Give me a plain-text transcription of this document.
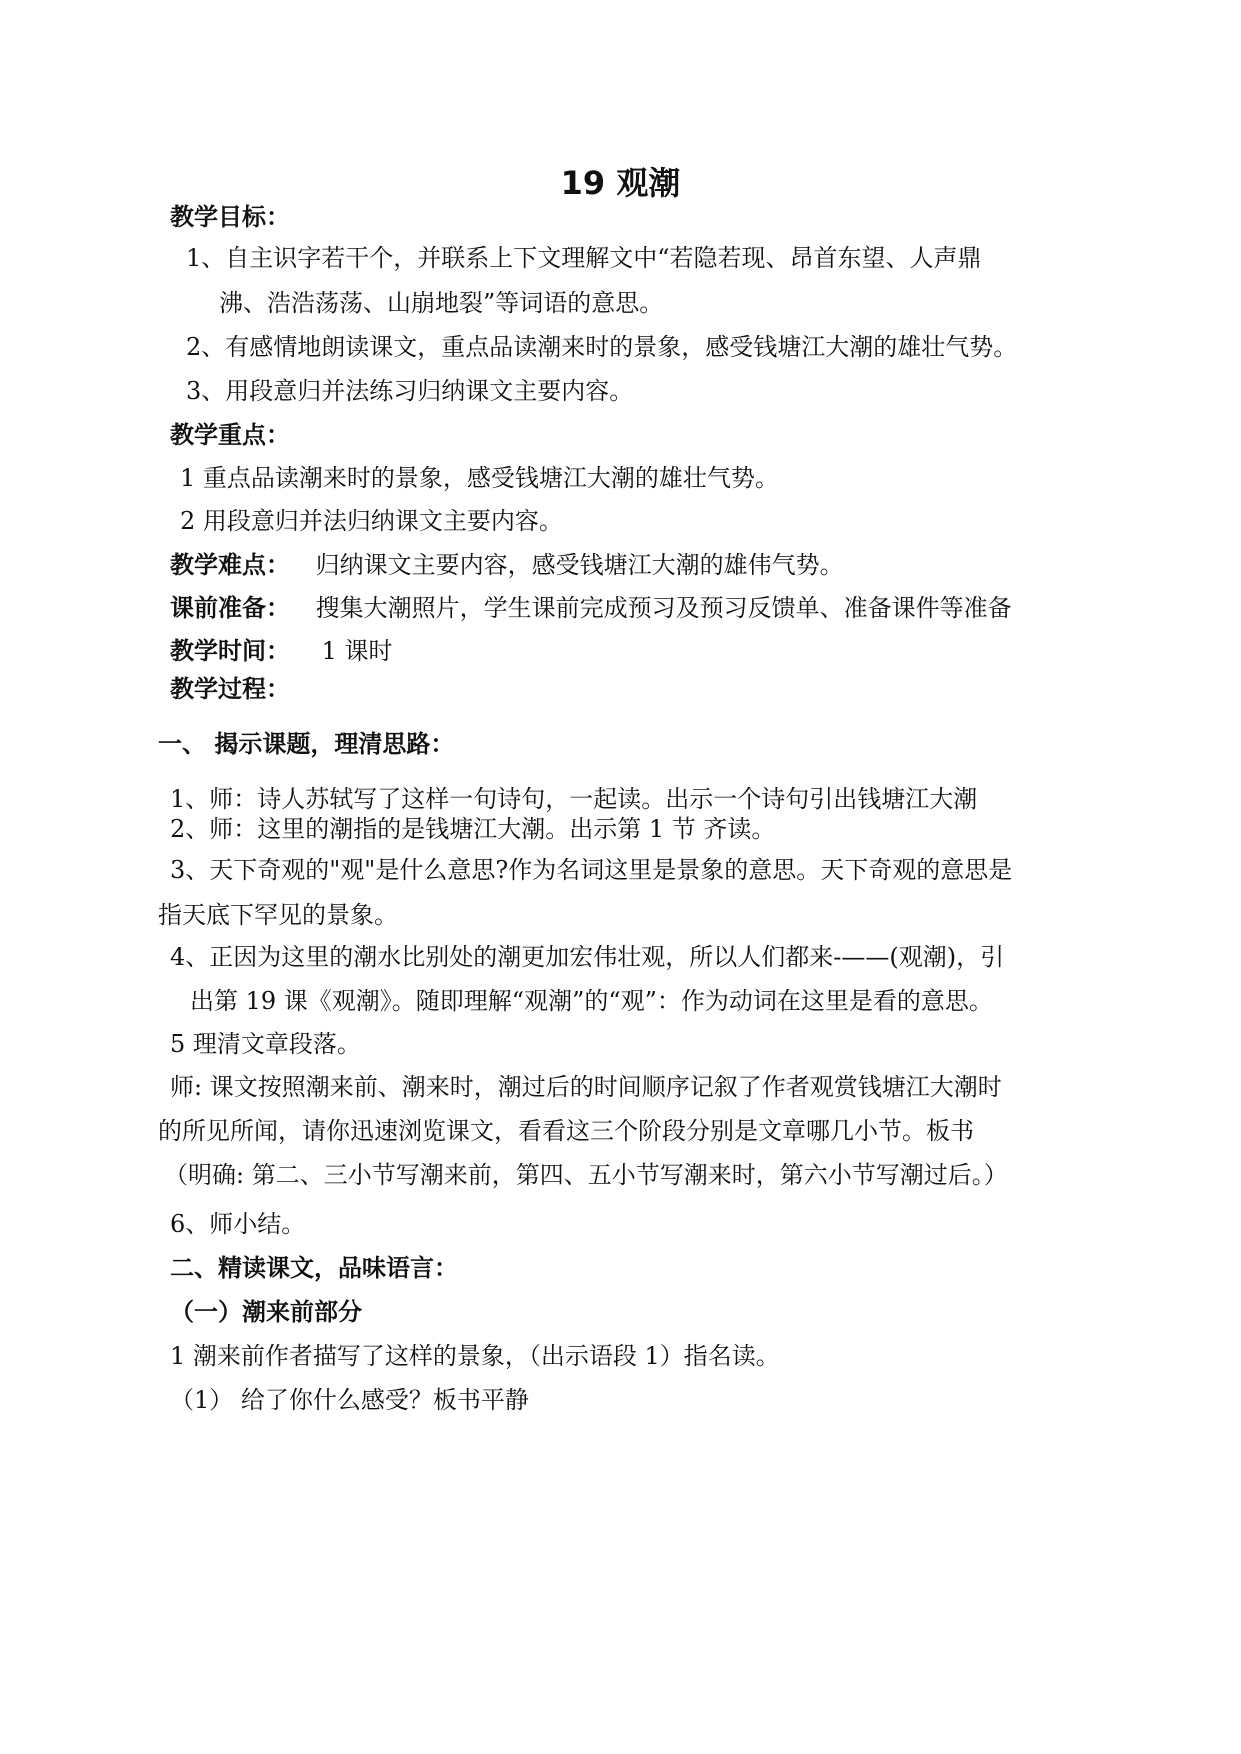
19 观潮
教学目标：
1、自主识字若干个，并联系上下文理解文中“若隐若现、昂首东望、人声鼎
沸、浩浩荡荡、山崩地裂”等词语的意思。
2、有感情地朗读课文，重点品读潮来时的景象，感受钱塘江大潮的雄壮气势。
3、用段意归并法练习归纳课文主要内容。
教学重点：
1 重点品读潮来时的景象，感受钱塘江大潮的雄壮气势。
2 用段意归并法归纳课文主要内容。
教学难点： 归纳课文主要内容，感受钱塘江大潮的雄伟气势。
课前准备： 搜集大潮照片，学生课前完成预习及预习反馈单、准备课件等准备
教学时间： 1 课时
教学过程：
一、 揭示课题，理清思路：
1、师：诗人苏轼写了这样一句诗句，一起读。出示一个诗句引出钱塘江大潮
2、师：这里的潮指的是钱塘江大潮。出示第 1 节 齐读。
3、天下奇观的"观"是什么意思?作为名词这里是景象的意思。天下奇观的意思是
指天底下罕见的景象。
4、正因为这里的潮水比别处的潮更加宏伟壮观，所以人们都来-——(观潮)，引
出第 19 课《观潮》。随即理解“观潮”的“观”：作为动词在这里是看的意思。
5 理清文章段落。
师: 课文按照潮来前、潮来时，潮过后的时间顺序记叙了作者观赏钱塘江大潮时
的所见所闻，请你迅速浏览课文，看看这三个阶段分别是文章哪几小节。板书
（明确: 第二、三小节写潮来前，第四、五小节写潮来时，第六小节写潮过后。）
6、师小结。
二、精读课文，品味语言：
（一）潮来前部分
1 潮来前作者描写了这样的景象，（出示语段 1）指名读。
（1） 给了你什么感受？板书平静
